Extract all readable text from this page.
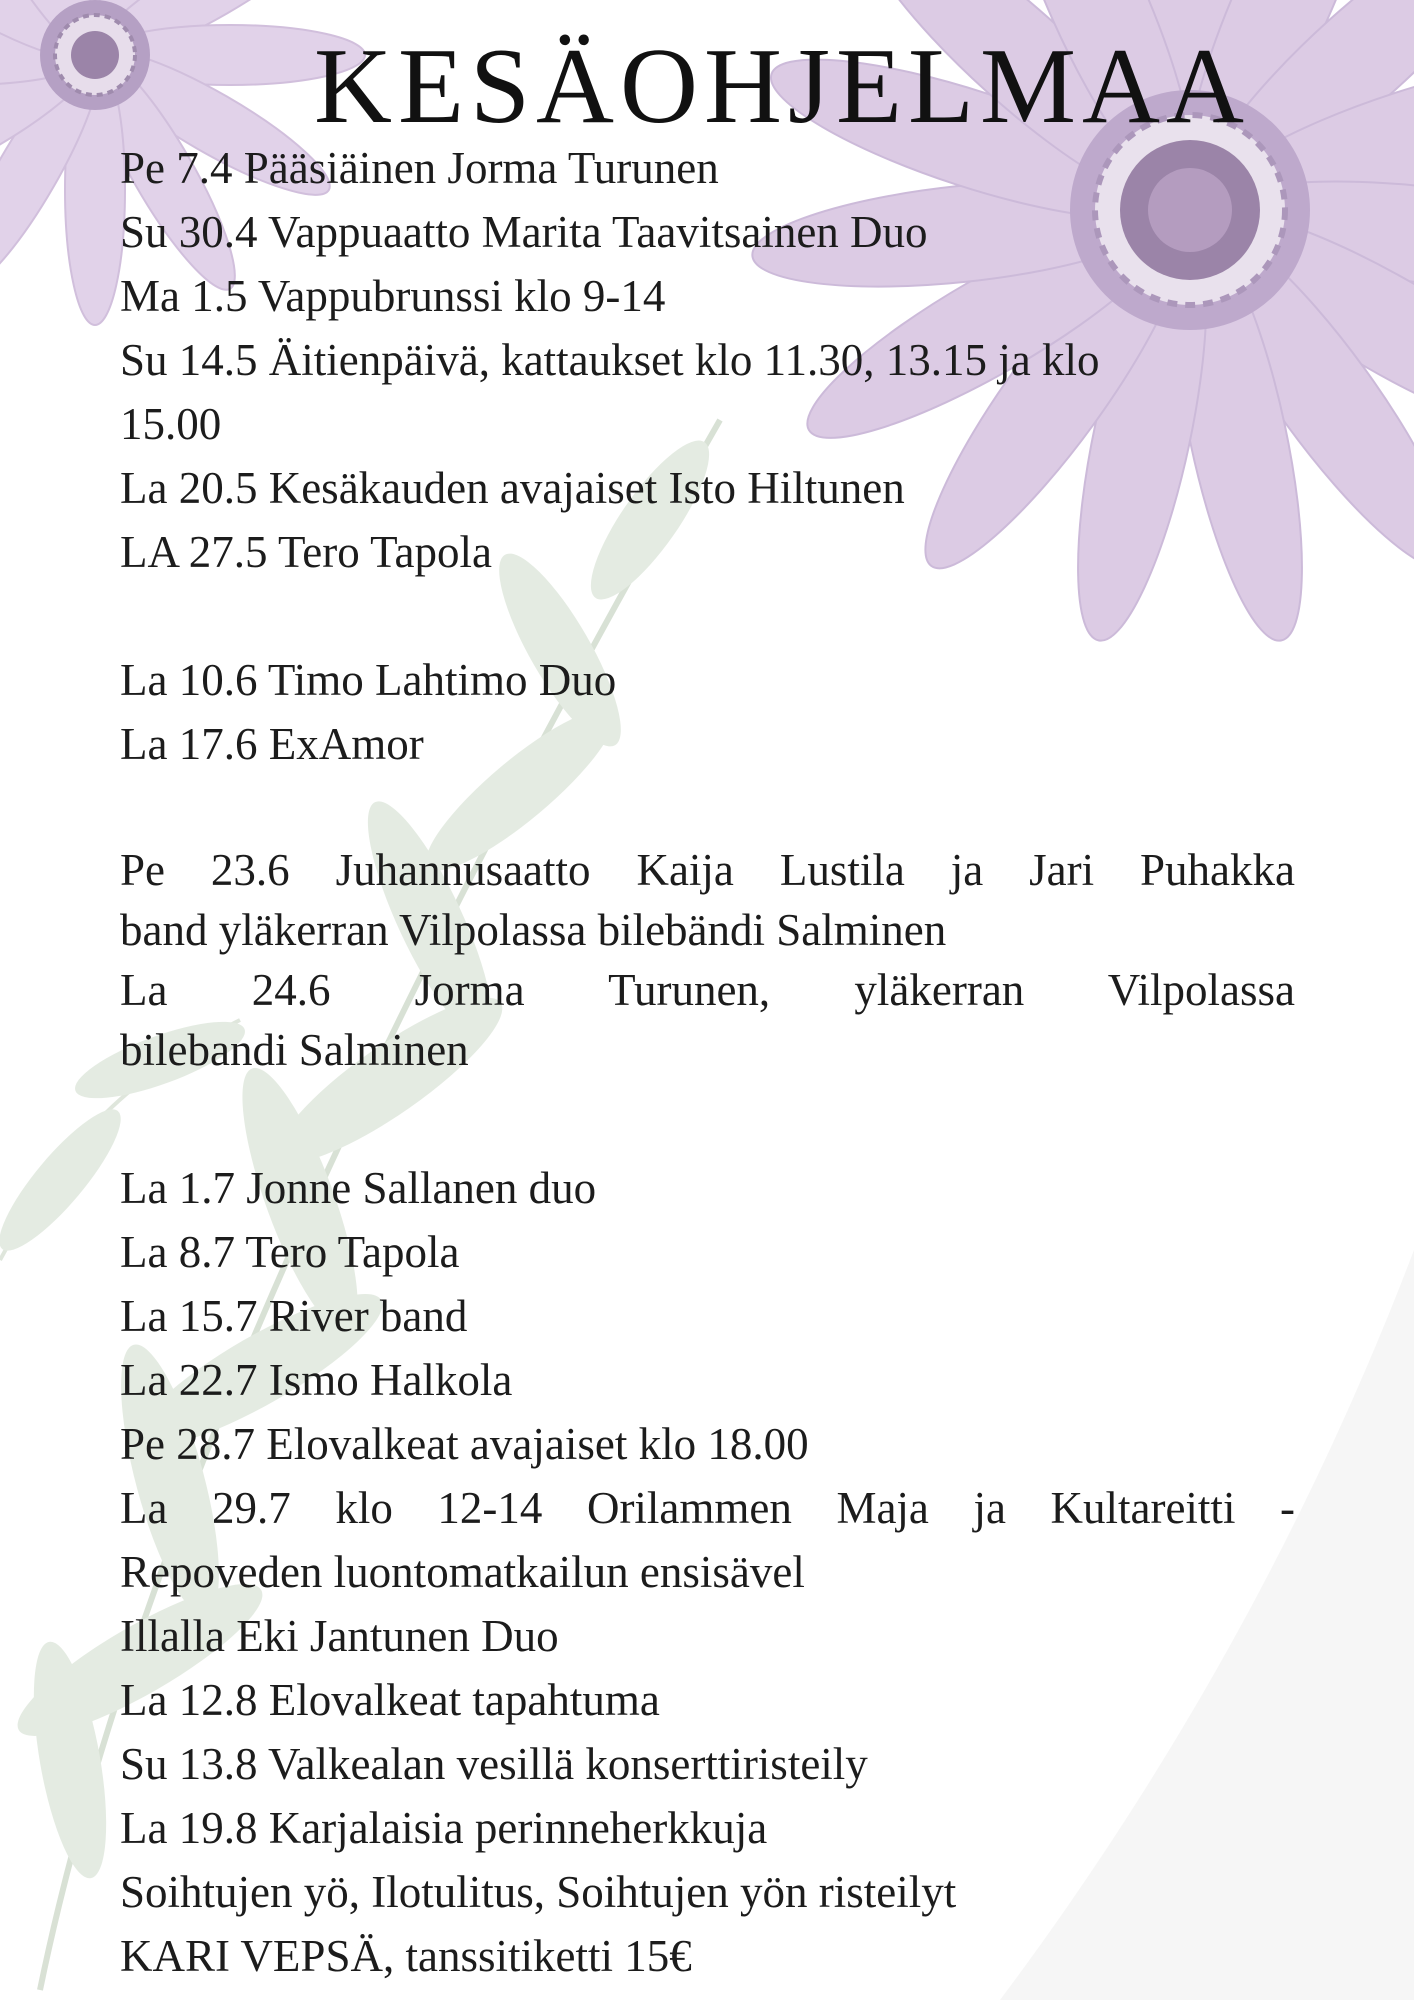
KESÄOHJELMAA
Pe 7.4 Pääsiäinen Jorma Turunen
Su 30.4 Vappuaatto Marita Taavitsainen Duo
Ma 1.5 Vappubrunssi klo 9-14
Su 14.5 Äitienpäivä, kattaukset klo 11.30, 13.15 ja klo
15.00
La 20.5 Kesäkauden avajaiset Isto Hiltunen
LA 27.5 Tero Tapola
La 10.6 Timo Lahtimo Duo
La 17.6 ExAmor
Pe 23.6 Juhannusaatto Kaija Lustila ja Jari Puhakka
band yläkerran Vilpolassa bilebändi Salminen
La 24.6 Jorma Turunen, yläkerran Vilpolassa
bilebandi Salminen
La 1.7 Jonne Sallanen duo
La 8.7 Tero Tapola
La 15.7 River band
La 22.7 Ismo Halkola
Pe 28.7 Elovalkeat avajaiset klo 18.00
La 29.7 klo 12-14 Orilammen Maja ja Kultareitti -
Repoveden luontomatkailun ensisävel
Illalla Eki Jantunen Duo
La 12.8 Elovalkeat tapahtuma
Su 13.8 Valkealan vesillä konserttiristeily
La 19.8 Karjalaisia perinneherkkuja
Soihtujen yö, Ilotulitus, Soihtujen yön risteilyt
KARI VEPSÄ, tanssitiketti 15€
